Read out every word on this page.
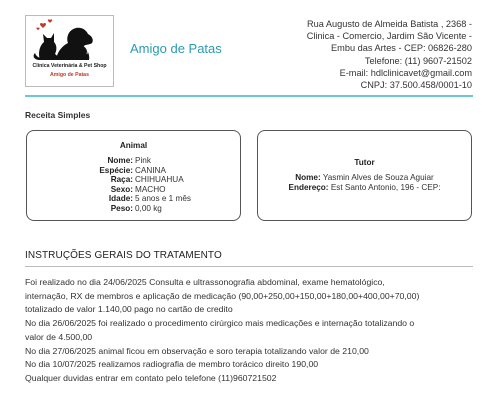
Clínica Veterinária & Pet Shop
Amigo de Patas
Amigo de Patas
Rua Augusto de Almeida Batista , 2368 -
Clinica - Comercio, Jardim São Vicente -
Embu das Artes - CEP: 06826-280
Telefone: (11) 9607-21502
E-mail: hdlclinicavet@gmail.com
CNPJ: 37.500.458/0001-10
Receita Simples
Animal
Nome: Pink
Espécie: CANINA
Raça: CHIHUAHUA
Sexo: MACHO
Idade: 5 anos e 1 mês
Peso: 0,00 kg
Tutor
Nome: Yasmin Alves de Souza Aguiar
Endereço: Est Santo Antonio, 196 - CEP:
INSTRUÇÕES GERAIS DO TRATAMENTO
Foi realizado no dia 24/06/2025 Consulta e ultrassonografia abdominal, exame hematológico,
internação, RX de membros e aplicação de medicação (90,00+250,00+150,00+180,00+400,00+70,00)
totalizado de valor 1.140,00 pago no cartão de credito
No dia 26/06/2025 foi realizado o procedimento cirúrgico mais medicações e internação totalizando o
valor de 4.500,00
No dia 27/06/2025 animal ficou em observação e soro terapia totalizando valor de 210,00
No dia 10/07/2025 realizamos radiografia de membro torácico direito 190,00
Qualquer duvidas entrar em contato pelo telefone (11)960721502
